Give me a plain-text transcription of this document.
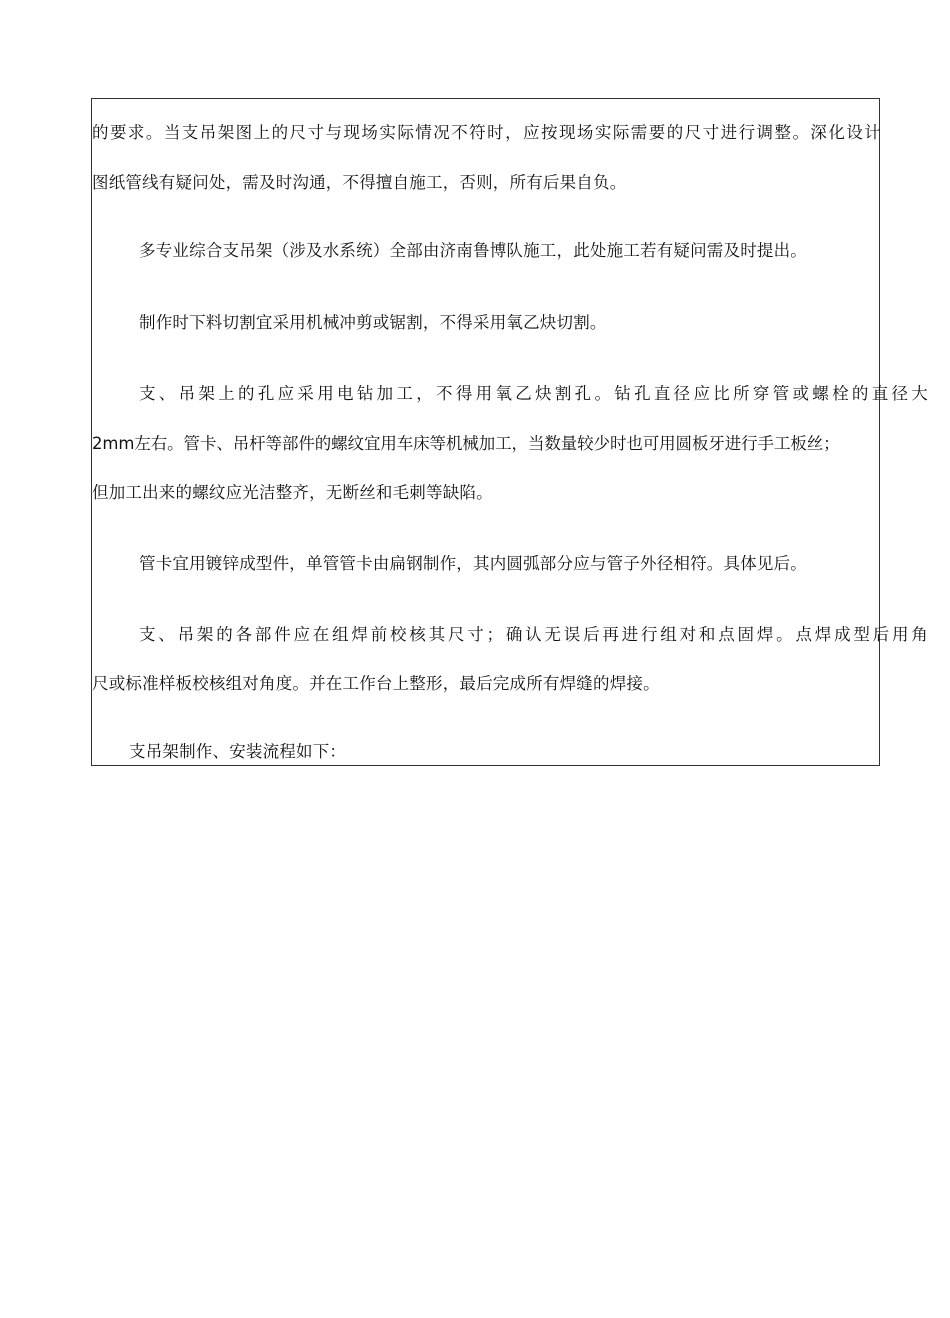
的要求。当支吊架图上的尺寸与现场实际情况不符时，应按现场实际需要的尺寸进行调整。深化设计
图纸管线有疑问处，需及时沟通，不得擅自施工，否则，所有后果自负。
多专业综合支吊架（涉及水系统）全部由济南鲁博队施工，此处施工若有疑问需及时提出。
制作时下料切割宜采用机械冲剪或锯割，不得采用氧乙炔切割。
支、吊架上的孔应采用电钻加工，不得用氧乙炔割孔。钻孔直径应比所穿管或螺栓的直径大
2mm左右。管卡、吊杆等部件的螺纹宜用车床等机械加工，当数量较少时也可用圆板牙进行手工板丝；
但加工出来的螺纹应光洁整齐，无断丝和毛刺等缺陷。
管卡宜用镀锌成型件，单管管卡由扁钢制作，其内圆弧部分应与管子外径相符。具体见后。
支、吊架的各部件应在组焊前校核其尺寸；确认无误后再进行组对和点固焊。点焊成型后用角
尺或标准样板校核组对角度。并在工作台上整形，最后完成所有焊缝的焊接。
支吊架制作、安装流程如下：
